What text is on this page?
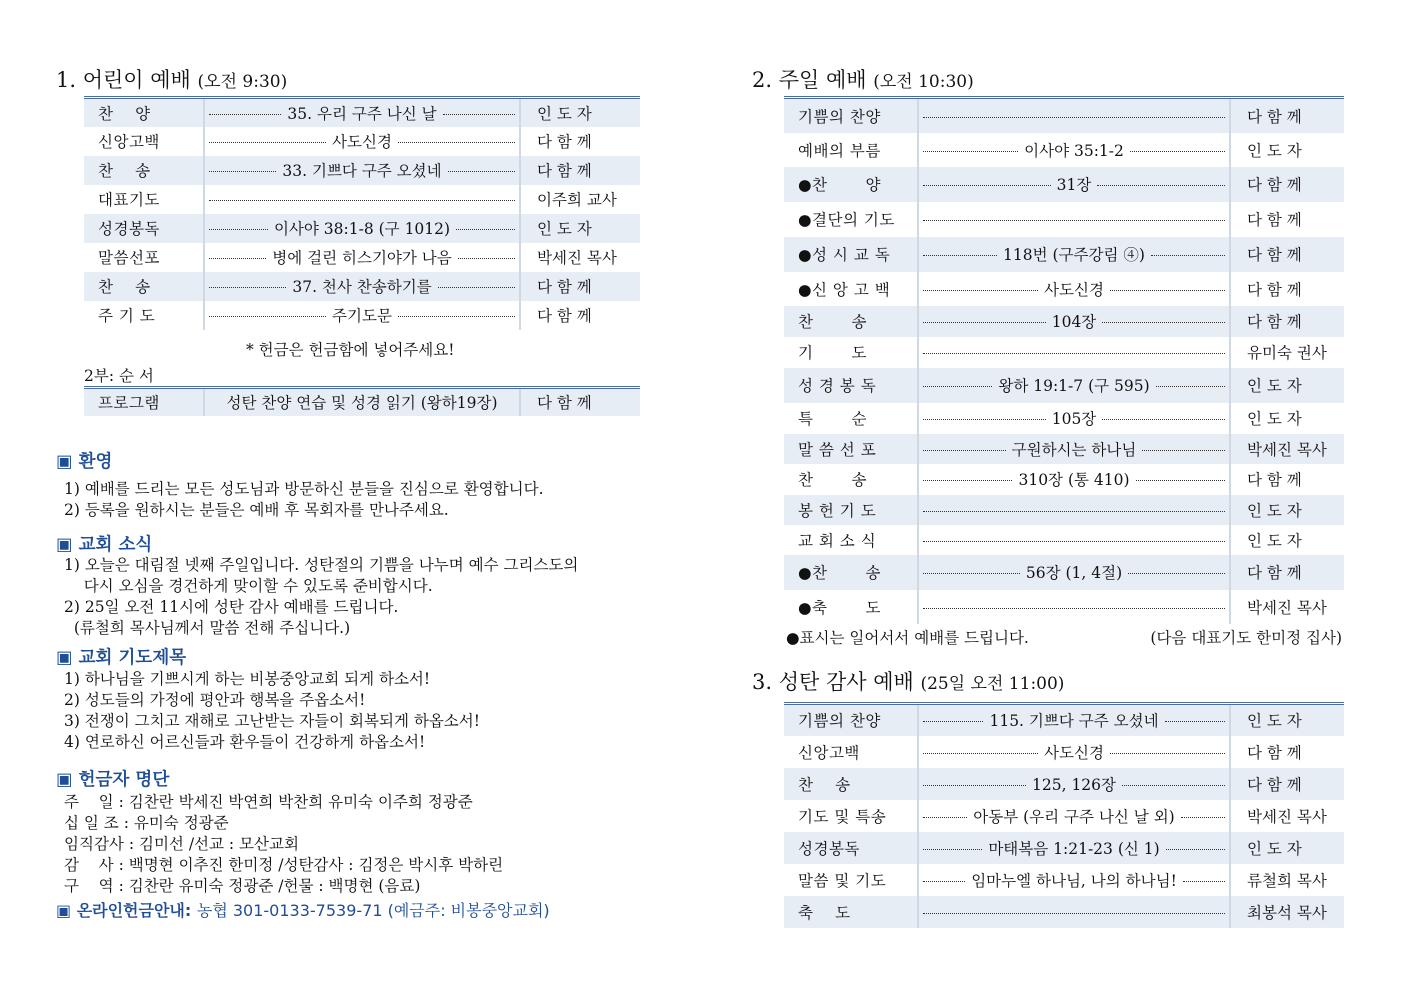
1. 어린이 예배 (오전 9:30)
찬    양	35. 우리 구주 나신 날	인 도 자
신앙고백	사도신경	다 함 께
찬    송	33. 기쁘다 구주 오셨네	다 함 께
대표기도		이주희 교사
성경봉독	이사야 38:1-8 (구 1012)	인 도 자
말씀선포	병에 걸린 히스기야가 나음	박세진 목사
찬    송	37. 천사 찬송하기를	다 함 께
주 기 도	주기도문	다 함 께
* 헌금은 헌금함에 넣어주세요!
2부: 순 서
프로그램	성탄 찬양 연습 및 성경 읽기 (왕하19장)	다 함 께
▣ 환영
1) 예배를 드리는 모든 성도님과 방문하신 분들을 진심으로 환영합니다.
2) 등록을 원하시는 분들은 예배 후 목회자를 만나주세요.
▣ 교회 소식
1) 오늘은 대림절 넷째 주일입니다. 성탄절의 기쁨을 나누며 예수 그리스도의
다시 오심을 경건하게 맞이할 수 있도록 준비합시다.
2) 25일 오전 11시에 성탄 감사 예배를 드립니다.
(류철희 목사님께서 말씀 전해 주십니다.)
▣ 교회 기도제목
1) 하나님을 기쁘시게 하는 비봉중앙교회 되게 하소서!
2) 성도들의 가정에 평안과 행복을 주옵소서!
3) 전쟁이 그치고 재해로 고난받는 자들이 회복되게 하옵소서!
4) 연로하신 어르신들과 환우들이 건강하게 하옵소서!
▣ 헌금자 명단
주    일 : 김찬란 박세진 박연희 박찬희 유미숙 이주희 정광준
십 일 조 : 유미숙 정광준
임직감사 : 김미선 /선교 : 모산교회
감    사 : 백명현 이추진 한미정 /성탄감사 : 김정은 박시후 박하린
구    역 : 김찬란 유미숙 정광준 /헌물 : 백명현 (음료)
▣ 온라인헌금안내: 농협 301-0133-7539-71 (예금주: 비봉중앙교회)
2. 주일 예배 (오전 10:30)
기쁨의 찬양		다 함 께
예배의 부름	이사야 35:1-2	인 도 자
●찬       양	31장	다 함 께
●결단의 기도		다 함 께
●성 시 교 독	118번 (구주강림 ④)	다 함 께
●신 앙 고 백	사도신경	다 함 께
찬       송	104장	다 함 께
기       도		유미숙 권사
성 경 봉 독	왕하 19:1-7 (구 595)	인 도 자
특       순	105장	인 도 자
말 씀 선 포	구원하시는 하나님	박세진 목사
찬       송	310장 (통 410)	다 함 께
봉 헌 기 도		인 도 자
교 회 소 식		인 도 자
●찬       송	56장 (1, 4절)	다 함 께
●축       도		박세진 목사
●표시는 일어서서 예배를 드립니다.	(다음 대표기도 한미정 집사)
3. 성탄 감사 예배 (25일 오전 11:00)
기쁨의 찬양	115. 기쁘다 구주 오셨네	인 도 자
신앙고백	사도신경	다 함 께
찬    송	125, 126장	다 함 께
기도 및 특송	아동부 (우리 구주 나신 날 외)	박세진 목사
성경봉독	마태복음 1:21-23 (신 1)	인 도 자
말씀 및 기도	임마누엘 하나님, 나의 하나님!	류철희 목사
축    도		최봉석 목사
